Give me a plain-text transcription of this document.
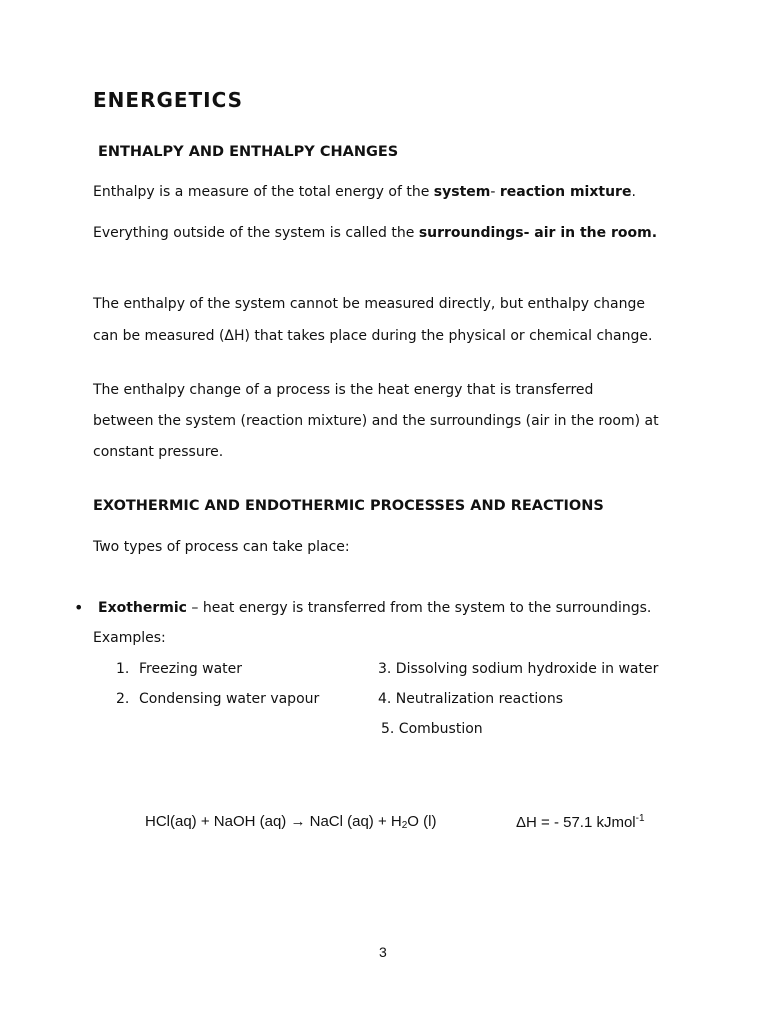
ENERGETICS
ENTHALPY AND ENTHALPY CHANGES
Enthalpy is a measure of the total energy of the system- reaction mixture.
Everything outside of the system is called the surroundings- air in the room.
The enthalpy of the system cannot be measured directly, but enthalpy change
can be measured (ΔH) that takes place during the physical or chemical change.
The enthalpy change of a process is the heat energy that is transferred
between the system (reaction mixture) and the surroundings (air in the room) at
constant pressure.
EXOTHERMIC AND ENDOTHERMIC PROCESSES AND REACTIONS
Two types of process can take place:
• Exothermic – heat energy is transferred from the system to the surroundings.
Examples:
1. Freezing water
2. Condensing water vapour
3. Dissolving sodium hydroxide in water
4. Neutralization reactions
5. Combustion
HCl(aq) + NaOH (aq) → NaCl $(aq) + H_2O$ (l)	ΔH = - 57.1 kJmol$^{-1}$
3
